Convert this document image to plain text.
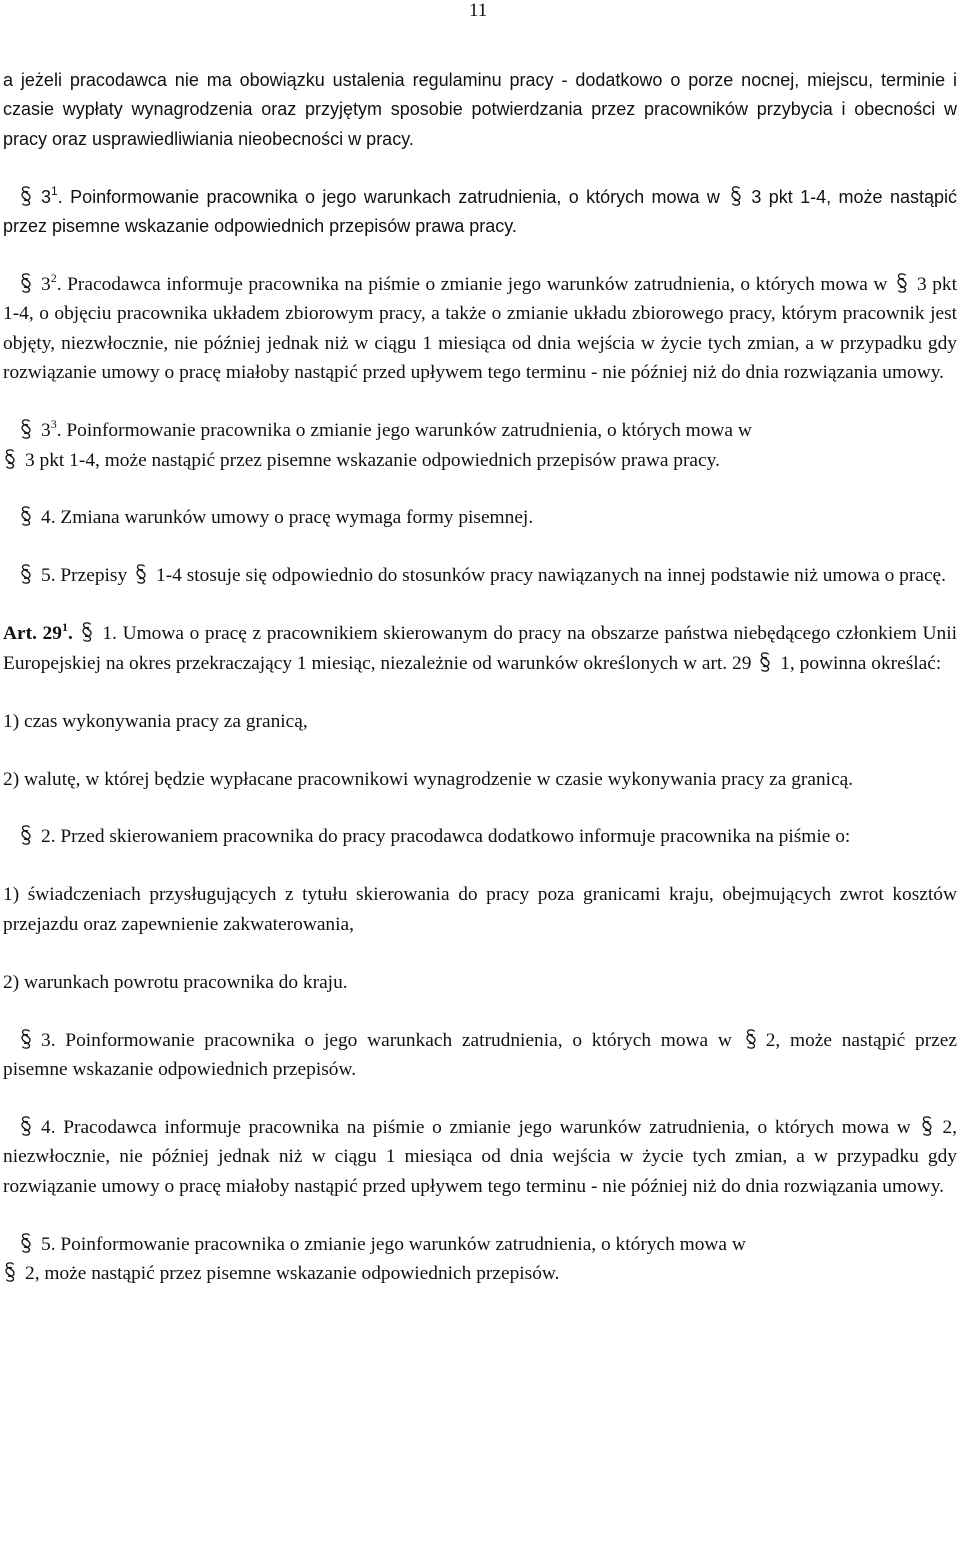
11

a jeżeli pracodawca nie ma obowiązku ustalenia regulaminu pracy - dodatkowo o porze nocnej, miejscu, terminie i czasie wypłaty wynagrodzenia oraz przyjętym sposobie potwierdzania przez pracowników przybycia i obecności w pracy oraz usprawiedliwiania nieobecności w pracy.

$3^1$. Poinformowanie pracownika o jego warunkach zatrudnienia, o których mowa w
3 pkt 1-4, może nastąpić przez pisemne wskazanie odpowiednich przepisów prawa pracy.

$3^2$. Pracodawca informuje pracownika na piśmie o zmianie jego warunków zatrudnienia, o których mowa w
3 pkt 1-4, o objęciu pracownika układem zbiorowym pracy, a także o zmianie układu zbiorowego pracy, którym pracownik jest objęty, niezwłocznie, nie później jednak niż w ciągu 1 miesiąca od dnia wejścia w życie tych zmian, a w przypadku gdy rozwiązanie umowy o pracę miałoby nastąpić przed upływem tego terminu - nie później niż do dnia rozwiązania umowy.

$3^3$. Poinformowanie pracownika o zmianie jego warunków zatrudnienia, o których mowa w

3 pkt 1-4, może nastąpić przez pisemne wskazanie odpowiednich przepisów prawa pracy.

4. Zmiana warunków umowy o pracę wymaga formy pisemnej.

5. Przepisy
1-4 stosuje się odpowiednio do stosunków pracy nawiązanych na innej podstawie niż umowa o pracę.

Art. $29^1$. 1. Umowa o pracę z pracownikiem skierowanym do pracy na obszarze państwa niebędącego członkiem Unii Europejskiej na okres przekraczający 1 miesiąc, niezależnie od warunków określonych w art. 29
1, powinna określać:

1) czas wykonywania pracy za granicą,

2) walutę, w której będzie wypłacane pracownikowi wynagrodzenie w czasie wykonywania pracy za granicą.

2. Przed skierowaniem pracownika do pracy pracodawca dodatkowo informuje pracownika na piśmie o:

1) świadczeniach przysługujących z tytułu skierowania do pracy poza granicami kraju, obejmujących zwrot kosztów przejazdu oraz zapewnienie zakwaterowania,

2) warunkach powrotu pracownika do kraju.

3. Poinformowanie pracownika o jego warunkach zatrudnienia, o których mowa w
2, może nastąpić przez pisemne wskazanie odpowiednich przepisów.

4. Pracodawca informuje pracownika na piśmie o zmianie jego warunków zatrudnienia, o których mowa w
2, niezwłocznie, nie później jednak niż w ciągu 1 miesiąca od dnia wejścia w życie tych zmian, a w przypadku gdy rozwiązanie umowy o pracę miałoby nastąpić przed upływem tego terminu - nie później niż do dnia rozwiązania umowy.

5. Poinformowanie pracownika o zmianie jego warunków zatrudnienia, o których mowa w

2, może nastąpić przez pisemne wskazanie odpowiednich przepisów.
